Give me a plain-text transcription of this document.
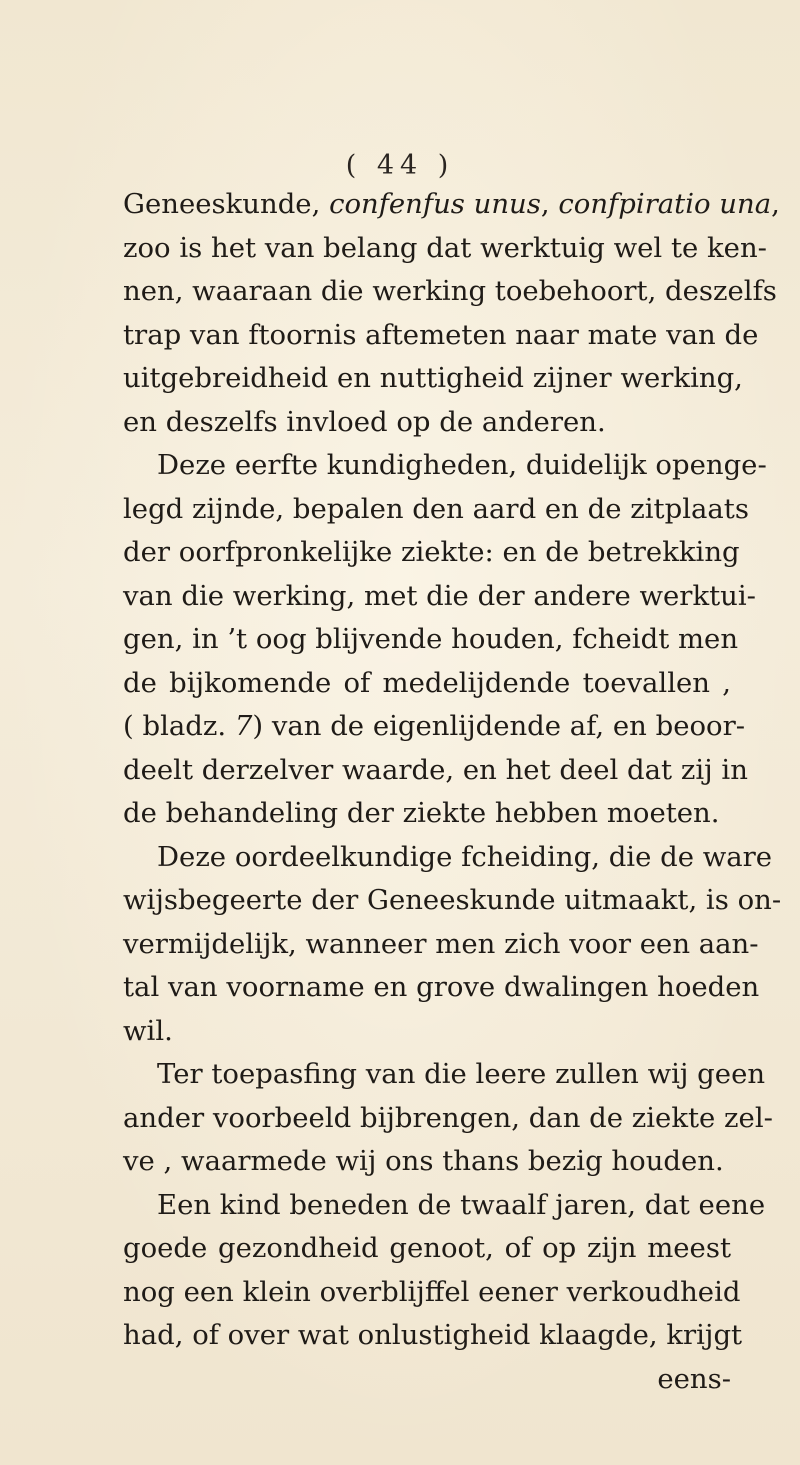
( 44 )
Geneeskunde, confenfus unus, confpiratio una,
zoo is het van belang dat werktuig wel te ken-
nen, waaraan die werking toebehoort, deszelfs
trap van ftoornis aftemeten naar mate van de
uitgebreidheid en nuttigheid zijner werking,
en deszelfs invloed op de anderen.
Deze eerfte kundigheden, duidelijk openge-
legd zijnde, bepalen den aard en de zitplaats
der oorfpronkelijke ziekte: en de betrekking
van die werking, met die der andere werktui-
gen, in ’t oog blijvende houden, fcheidt men
de bijkomende of medelijdende toevallen ,
( bladz. 7) van de eigenlijdende af, en beoor-
deelt derzelver waarde, en het deel dat zij in
de behandeling der ziekte hebben moeten.
Deze oordeelkundige fcheiding, die de ware
wijsbegeerte der Geneeskunde uitmaakt, is on-
vermijdelijk, wanneer men zich voor een aan-
tal van voorname en grove dwalingen hoeden
wil.
Ter toepasfing van die leere zullen wij geen
ander voorbeeld bijbrengen, dan de ziekte zel-
ve , waarmede wij ons thans bezig houden.
Een kind beneden de twaalf jaren, dat eene
goede gezondheid genoot, of op zijn meest
nog een klein overblijffel eener verkoudheid
had, of over wat onlustigheid klaagde, krijgt
eens-
